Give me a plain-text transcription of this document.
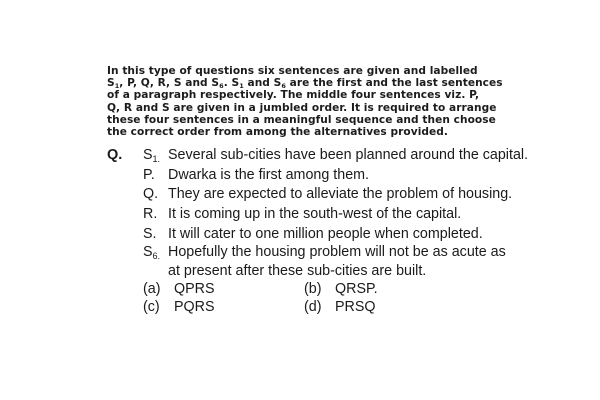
In this type of questions six sentences are given and labelled
$S_1$, P, Q, R, S and $S_6$. $S_1$ and $S_6$ are the first and the last sentences
of a paragraph respectively. The middle four sentences viz. P,
Q, R and S are given in a jumbled order. It is required to arrange
these four sentences in a meaningful sequence and then choose
the correct order from among the alternatives provided.
Q. $S_{1.}$ Several sub-cities have been planned around the capital.
P. Dwarka is the first among them.
Q. They are expected to alleviate the problem of housing.
R. It is coming up in the south-west of the capital.
S. It will cater to one million people when completed.
$S_{6.}$ Hopefully the housing problem will not be as acute as
at present after these sub-cities are built.
(a) QPRS	(b) QRSP.
(c) PQRS	(d) PRSQ
